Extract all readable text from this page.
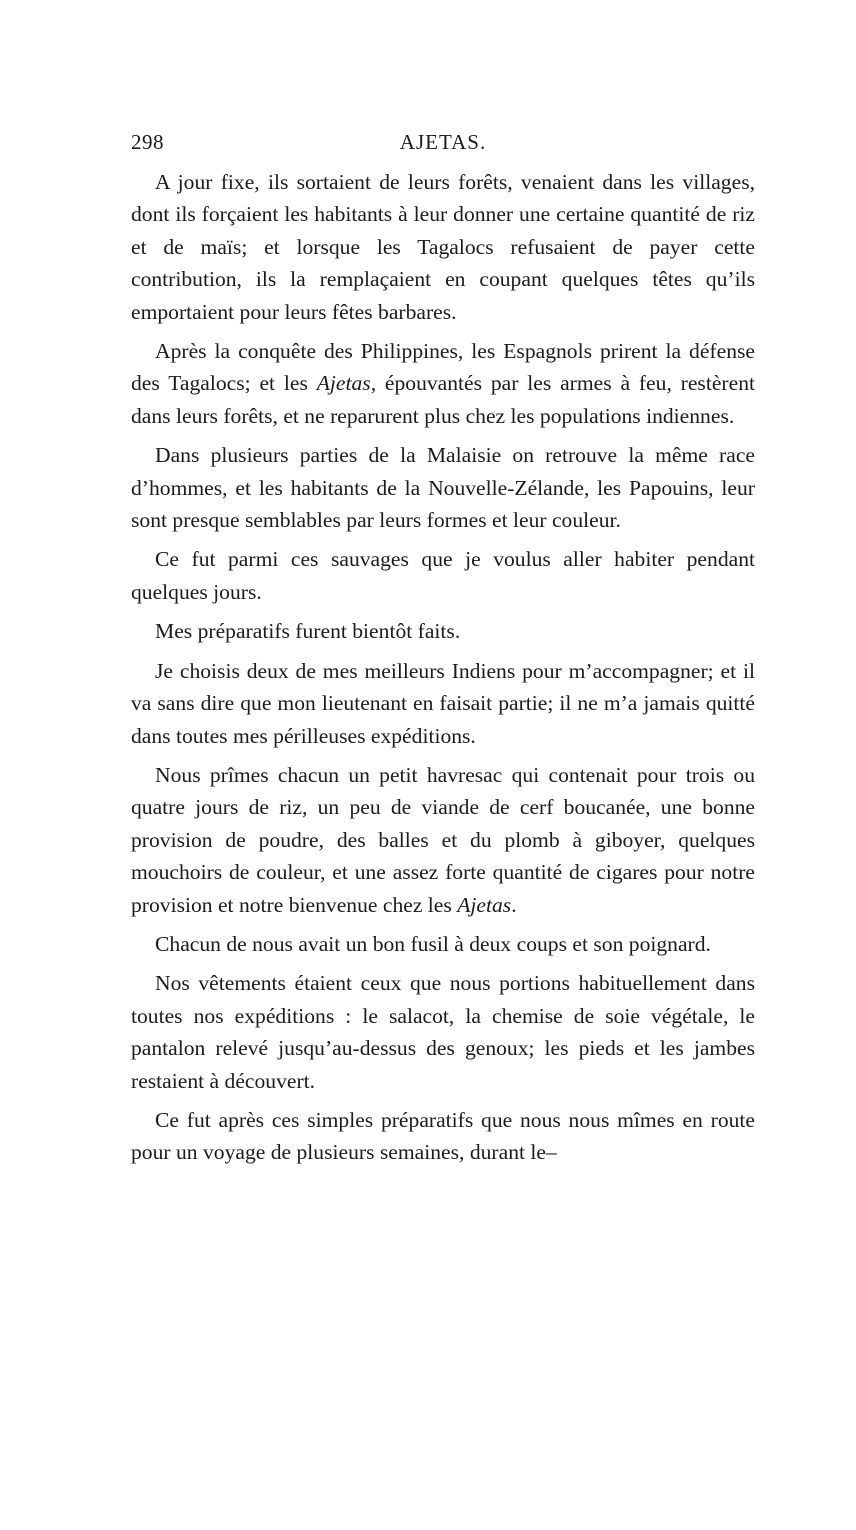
298	AJETAS.

A jour fixe, ils sortaient de leurs forêts, venaient dans les villages, dont ils forçaient les habitants à leur donner une certaine quantité de riz et de maïs; et lorsque les Tagalocs refusaient de payer cette contribution, ils la remplaçaient en coupant quelques têtes qu’ils emportaient pour leurs fêtes barbares.

Après la conquête des Philippines, les Espagnols prirent la défense des Tagalocs; et les Ajetas, épouvantés par les armes à feu, restèrent dans leurs forêts, et ne reparurent plus chez les populations indiennes.

Dans plusieurs parties de la Malaisie on retrouve la même race d’hommes, et les habitants de la Nouvelle-Zélande, les Papouins, leur sont presque semblables par leurs formes et leur couleur.

Ce fut parmi ces sauvages que je voulus aller habiter pendant quelques jours.

Mes préparatifs furent bientôt faits.

Je choisis deux de mes meilleurs Indiens pour m’accompagner; et il va sans dire que mon lieutenant en faisait partie; il ne m’a jamais quitté dans toutes mes périlleuses expéditions.

Nous prîmes chacun un petit havresac qui contenait pour trois ou quatre jours de riz, un peu de viande de cerf boucanée, une bonne provision de poudre, des balles et du plomb à giboyer, quelques mouchoirs de couleur, et une assez forte quantité de cigares pour notre provision et notre bienvenue chez les Ajetas.

Chacun de nous avait un bon fusil à deux coups et son poignard.

Nos vêtements étaient ceux que nous portions habituellement dans toutes nos expéditions : le salacot, la chemise de soie végétale, le pantalon relevé jusqu’au-dessus des genoux; les pieds et les jambes restaient à découvert.

Ce fut après ces simples préparatifs que nous nous mîmes en route pour un voyage de plusieurs semaines, durant le–
